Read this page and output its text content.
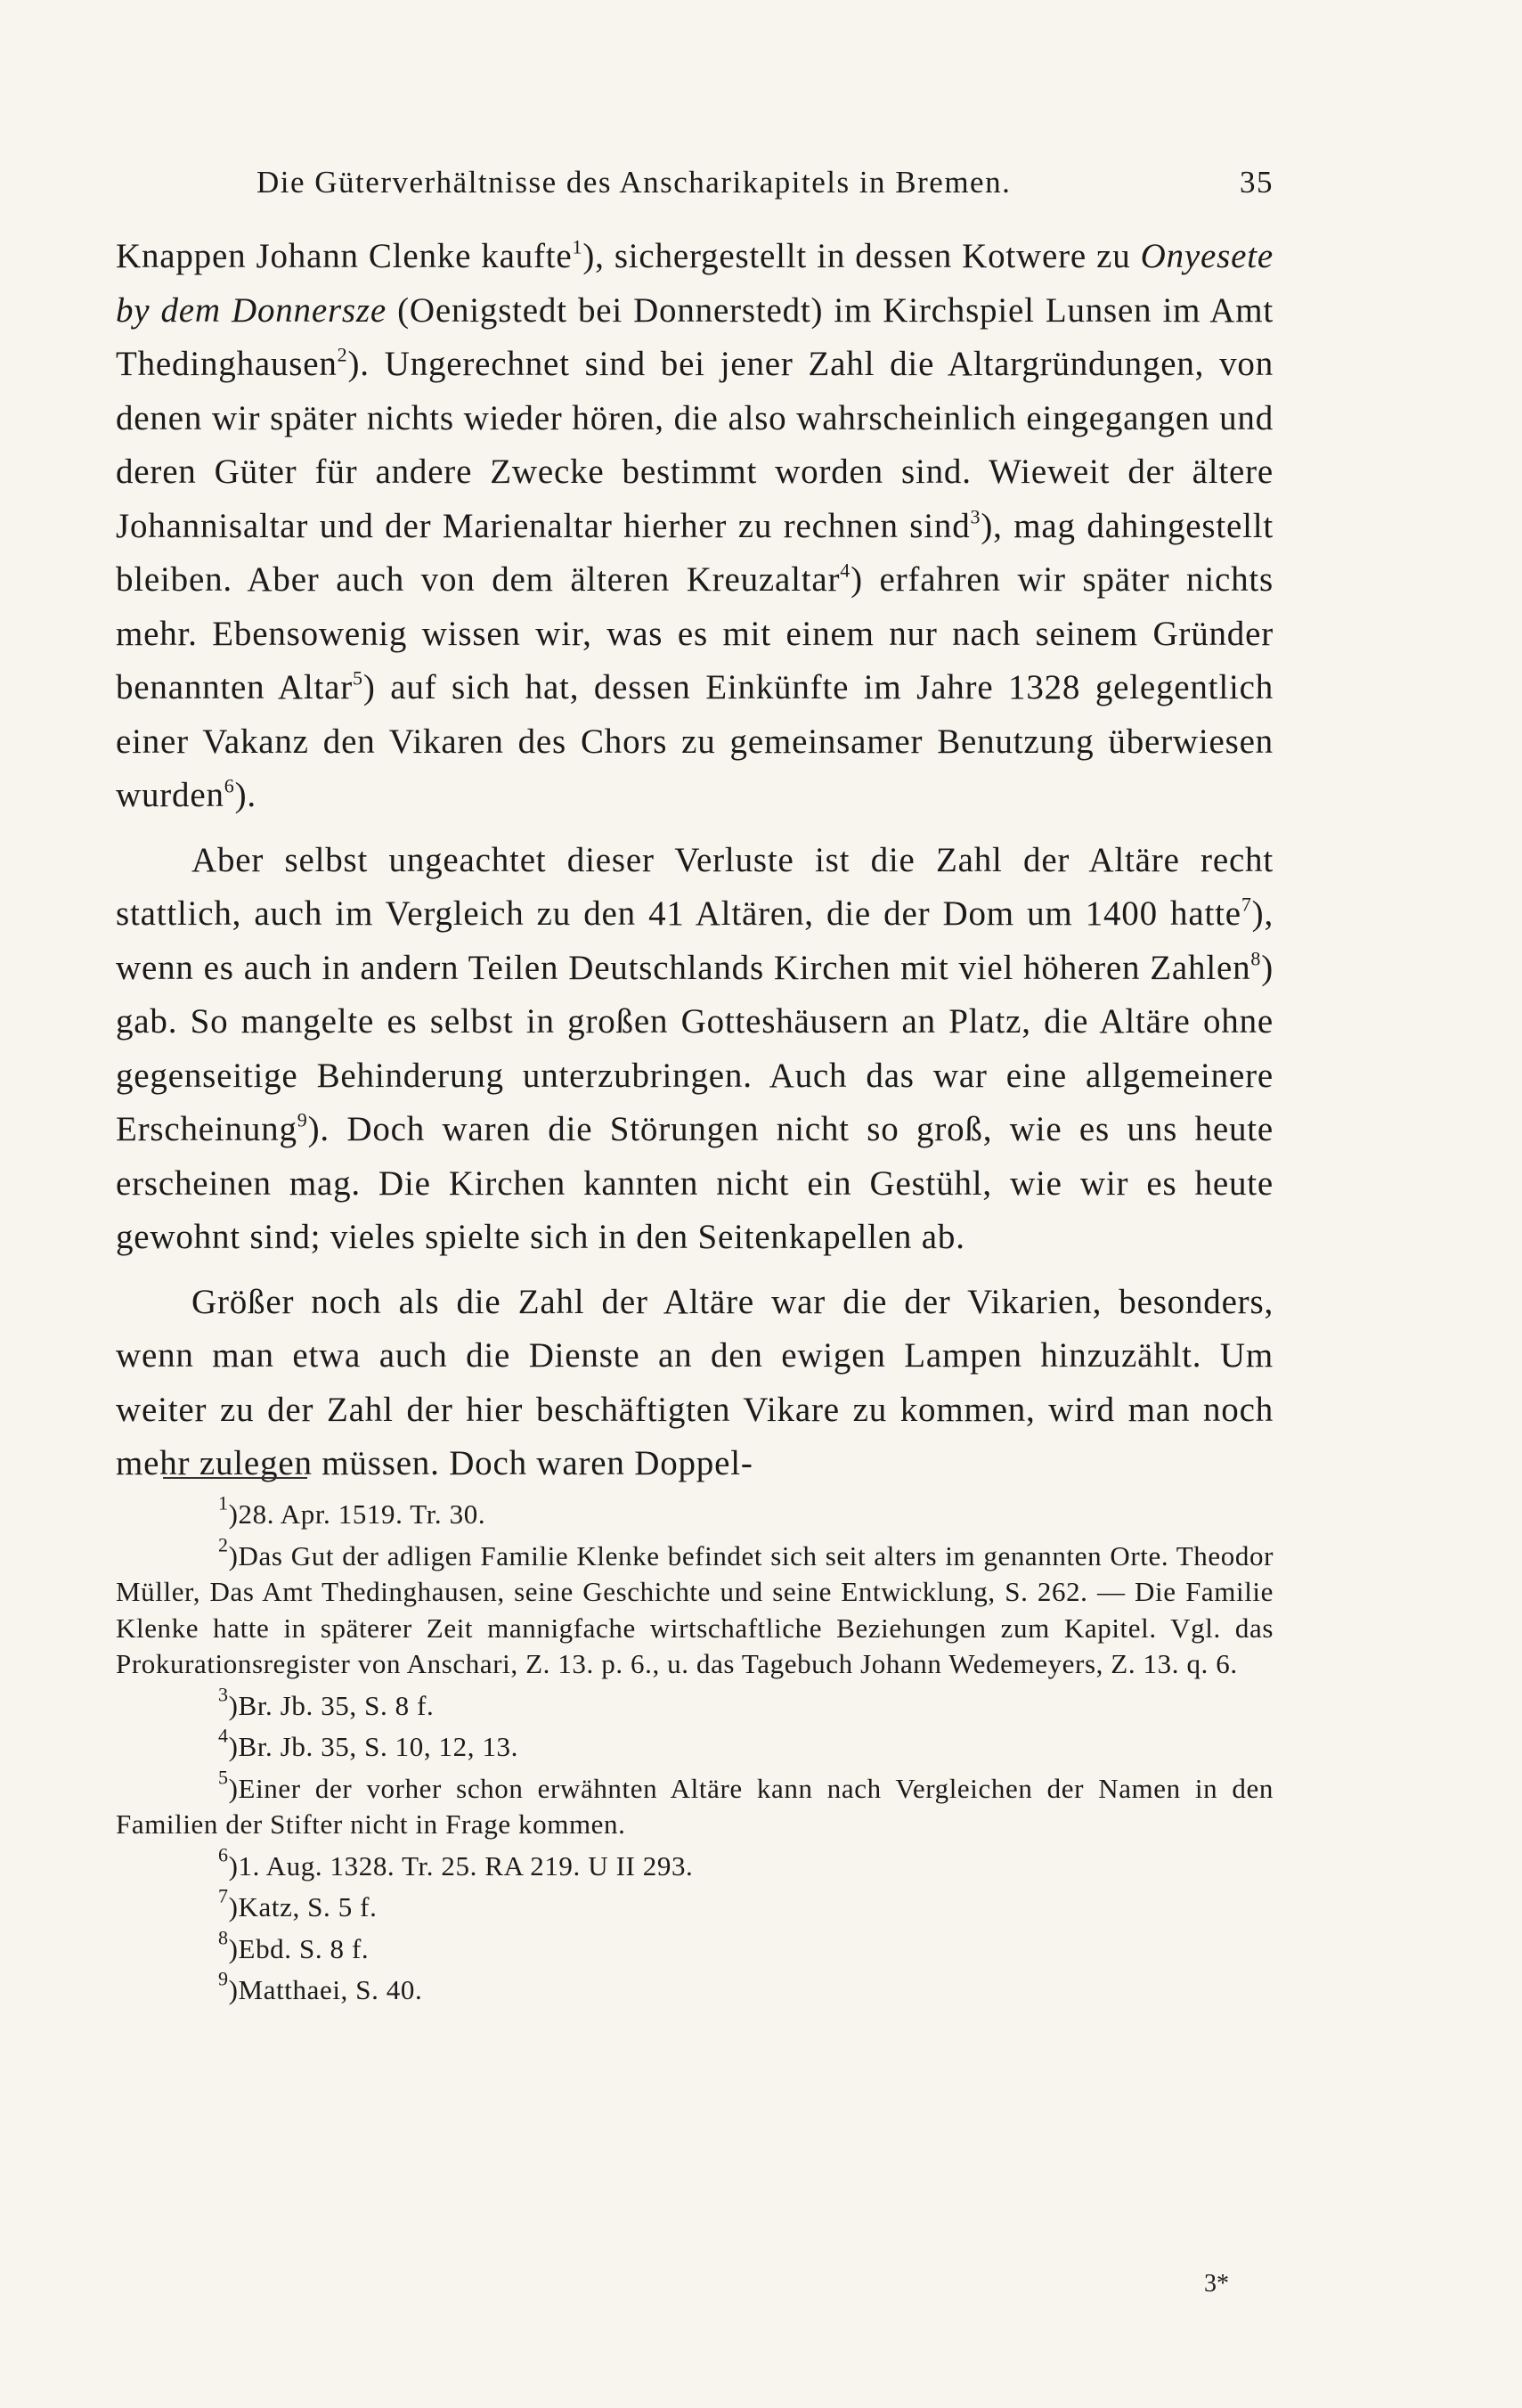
Die Güterverhältnisse des Anscharikapitels in Bremen.	35

Knappen Johann Clenke kaufte$^1$), sichergestellt in dessen Kotwere zu Onyesete by dem Donnersze (Oenigstedt bei Donnerstedt) im Kirchspiel Lunsen im Amt Thedinghausen$^2$). Ungerechnet sind bei jener Zahl die Altargründungen, von denen wir später nichts wieder hören, die also wahrscheinlich eingegangen und deren Güter für andere Zwecke bestimmt worden sind. Wieweit der ältere Johannisaltar und der Marienaltar hierher zu rechnen sind$^3$), mag dahingestellt bleiben. Aber auch von dem älteren Kreuzaltar$^4$) erfahren wir später nichts mehr. Ebensowenig wissen wir, was es mit einem nur nach seinem Gründer benannten Altar$^5$) auf sich hat, dessen Einkünfte im Jahre 1328 gelegentlich einer Vakanz den Vikaren des Chors zu gemeinsamer Benutzung überwiesen wurden$^6$).

Aber selbst ungeachtet dieser Verluste ist die Zahl der Altäre recht stattlich, auch im Vergleich zu den 41 Altären, die der Dom um 1400 hatte$^7$), wenn es auch in andern Teilen Deutschlands Kirchen mit viel höheren Zahlen$^8$) gab. So mangelte es selbst in großen Gotteshäusern an Platz, die Altäre ohne gegenseitige Behinderung unterzubringen. Auch das war eine allgemeinere Erscheinung$^9$). Doch waren die Störungen nicht so groß, wie es uns heute erscheinen mag. Die Kirchen kannten nicht ein Gestühl, wie wir es heute gewohnt sind; vieles spielte sich in den Seitenkapellen ab.

Größer noch als die Zahl der Altäre war die der Vikarien, besonders, wenn man etwa auch die Dienste an den ewigen Lampen hinzuzählt. Um weiter zu der Zahl der hier beschäftigten Vikare zu kommen, wird man noch mehr zulegen müssen. Doch waren Doppel-

$^1$)28. Apr. 1519. Tr. 30.

$^2$)Das Gut der adligen Familie Klenke befindet sich seit alters im genannten Orte. Theodor Müller, Das Amt Thedinghausen, seine Geschichte und seine Entwicklung, S. 262. — Die Familie Klenke hatte in späterer Zeit mannigfache wirtschaftliche Beziehungen zum Kapitel. Vgl. das Prokurationsregister von Anschari, Z. 13. p. 6., u. das Tagebuch Johann Wedemeyers, Z. 13. q. 6.

$^3$)Br. Jb. 35, S. 8 f.

$^4$)Br. Jb. 35, S. 10, 12, 13.

$^5$)Einer der vorher schon erwähnten Altäre kann nach Vergleichen der Namen in den Familien der Stifter nicht in Frage kommen.

$^6$)1. Aug. 1328. Tr. 25. RA 219. U II 293.

$^7$)Katz, S. 5 f.

$^8$)Ebd. S. 8 f.

$^9$)Matthaei, S. 40.

3*
